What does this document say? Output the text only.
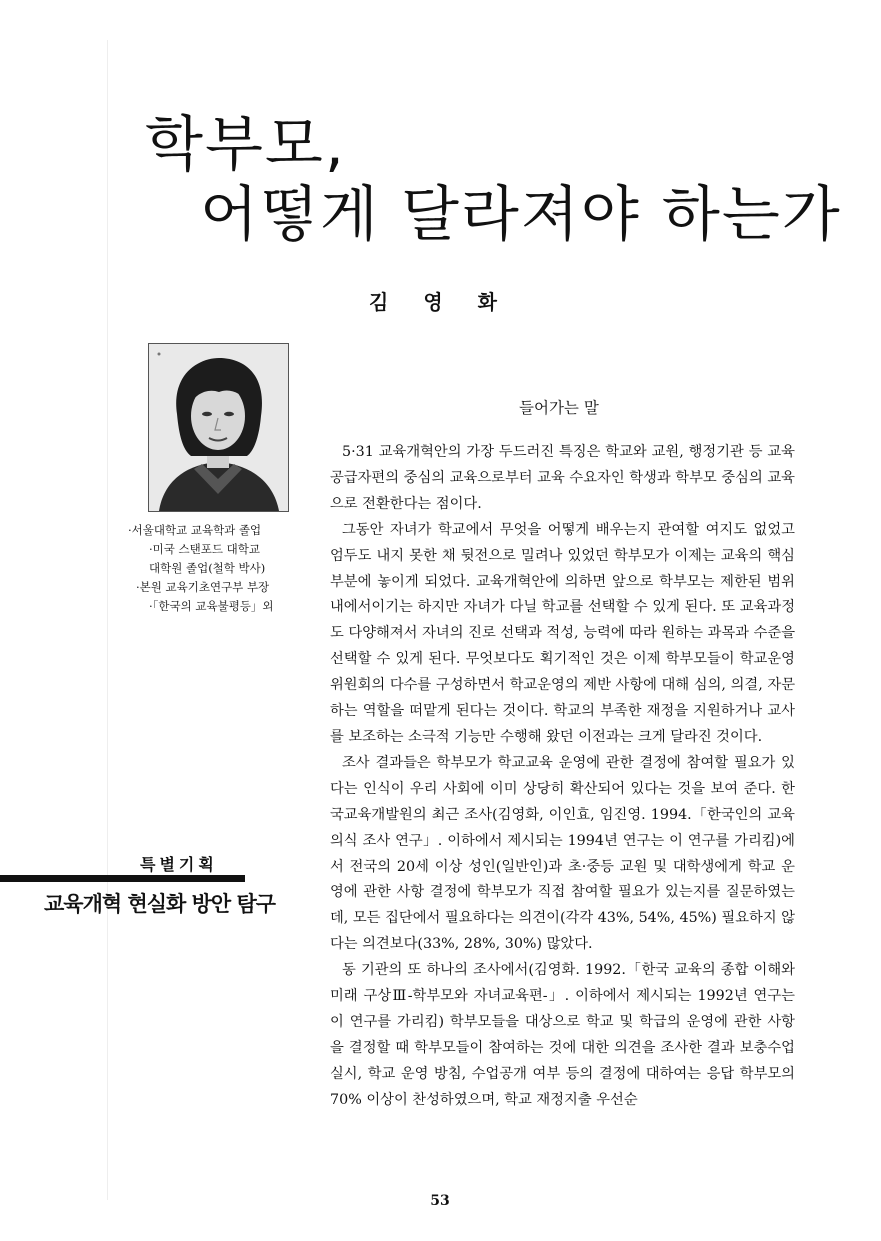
학부모,
어떻게 달라져야 하는가
김 영 화
·서울대학교 교육학과 졸업
·미국 스탠포드 대학교
대학원 졸업(철학 박사)
·본원 교육기초연구부 부장
·「한국의 교육불평등」외
특별기획
교육개혁 현실화 방안 탐구
들어가는 말

5·31 교육개혁안의 가장 두드러진 특징은 학교와 교원, 행정기관 등 교육 공급자편의 중심의 교육으로부터 교육 수요자인 학생과 학부모 중심의 교육으로 전환한다는 점이다.

그동안 자녀가 학교에서 무엇을 어떻게 배우는지 관여할 여지도 없었고 엄두도 내지 못한 채 뒷전으로 밀려나 있었던 학부모가 이제는 교육의 핵심 부분에 놓이게 되었다. 교육개혁안에 의하면 앞으로 학부모는 제한된 범위 내에서이기는 하지만 자녀가 다닐 학교를 선택할 수 있게 된다. 또 교육과정도 다양해져서 자녀의 진로 선택과 적성, 능력에 따라 원하는 과목과 수준을 선택할 수 있게 된다. 무엇보다도 획기적인 것은 이제 학부모들이 학교운영위원회의 다수를 구성하면서 학교운영의 제반 사항에 대해 심의, 의결, 자문하는 역할을 떠맡게 된다는 것이다. 학교의 부족한 재정을 지원하거나 교사를 보조하는 소극적 기능만 수행해 왔던 이전과는 크게 달라진 것이다.

조사 결과들은 학부모가 학교교육 운영에 관한 결정에 참여할 필요가 있다는 인식이 우리 사회에 이미 상당히 확산되어 있다는 것을 보여 준다. 한국교육개발원의 최근 조사(김영화, 이인효, 임진영. 1994.「한국인의 교육 의식 조사 연구」. 이하에서 제시되는 1994년 연구는 이 연구를 가리킴)에서 전국의 20세 이상 성인(일반인)과 초·중등 교원 및 대학생에게 학교 운영에 관한 사항 결정에 학부모가 직접 참여할 필요가 있는지를 질문하였는데, 모든 집단에서 필요하다는 의견이(각각 43%, 54%, 45%) 필요하지 않다는 의견보다(33%, 28%, 30%) 많았다.

동 기관의 또 하나의 조사에서(김영화. 1992.「한국 교육의 종합 이해와 미래 구상Ⅲ-학부모와 자녀교육편-」. 이하에서 제시되는 1992년 연구는 이 연구를 가리킴) 학부모들을 대상으로 학교 및 학급의 운영에 관한 사항을 결정할 때 학부모들이 참여하는 것에 대한 의견을 조사한 결과 보충수업 실시, 학교 운영 방침, 수업공개 여부 등의 결정에 대하여는 응답 학부모의 70% 이상이 찬성하였으며, 학교 재정지출 우선순

53
